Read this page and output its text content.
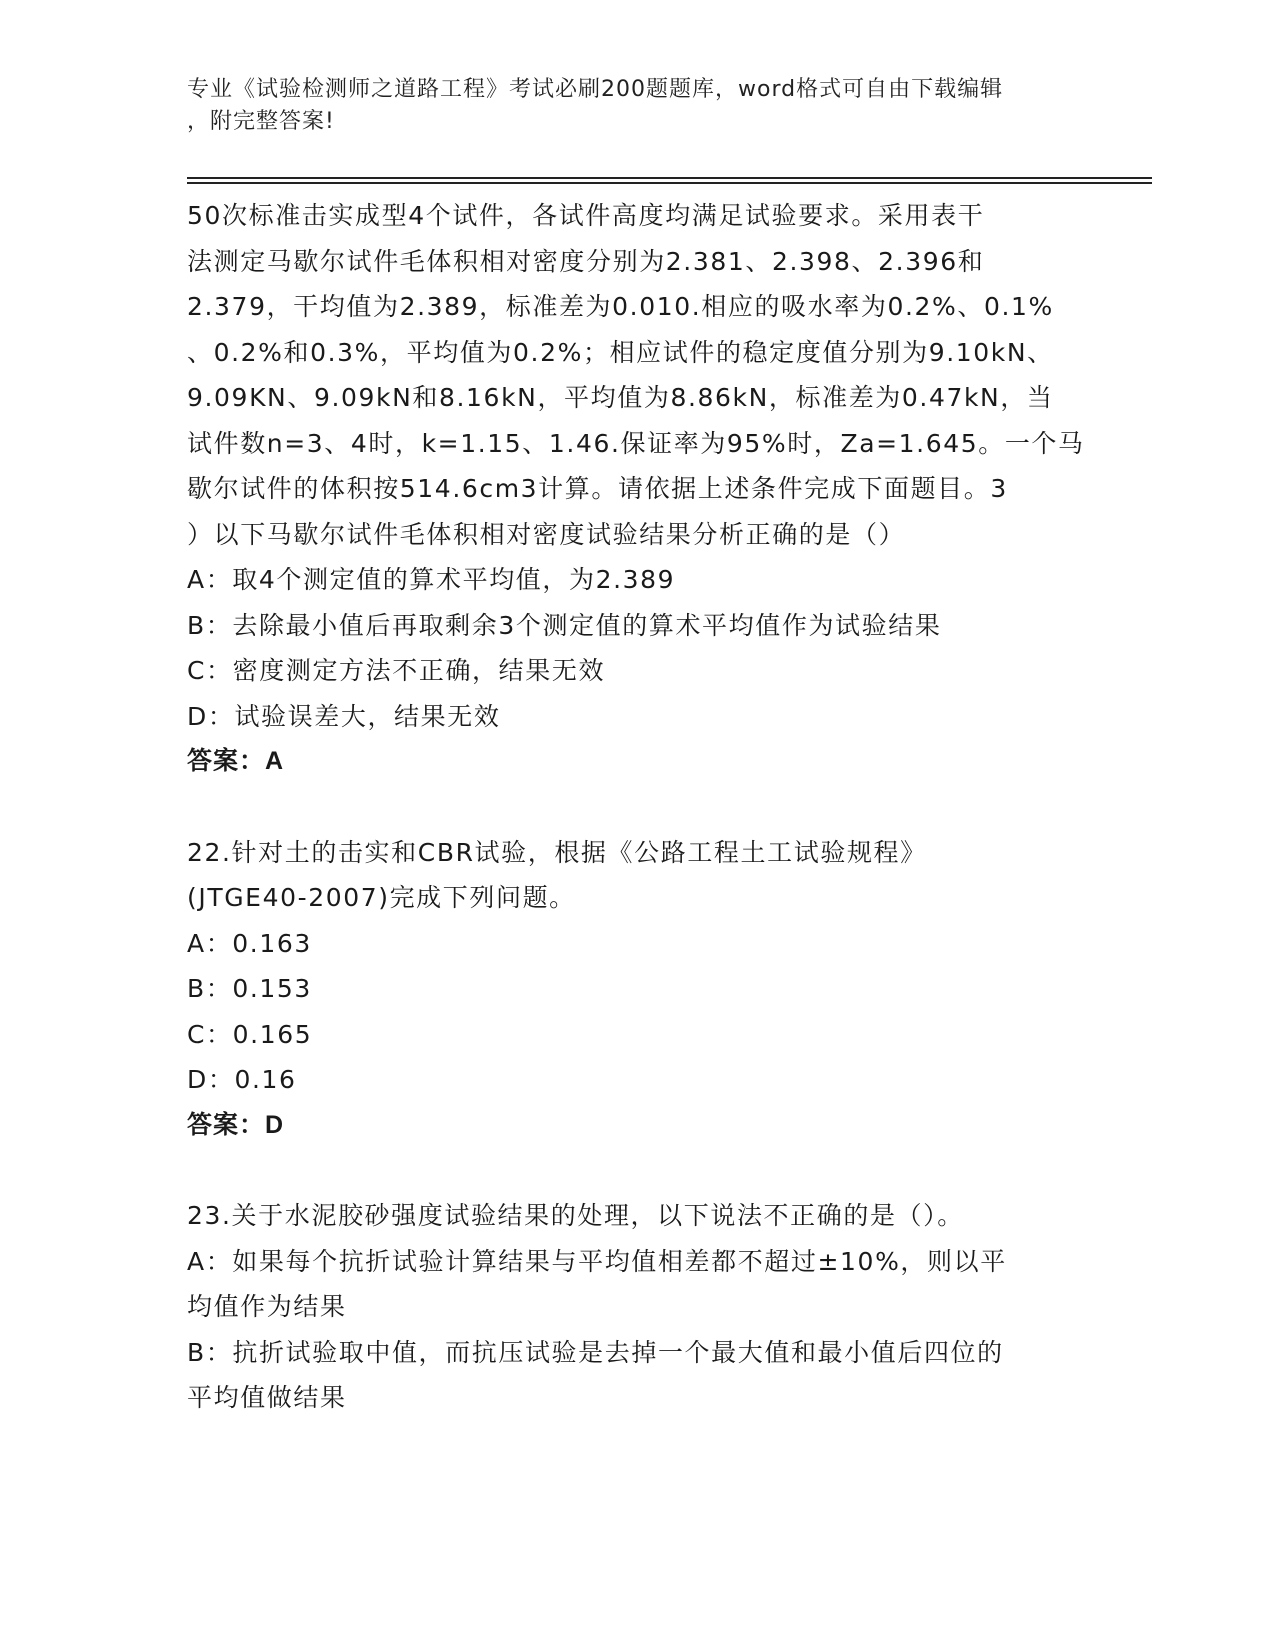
专业《试验检测师之道路工程》考试必刷200题题库，word格式可自由下载编辑
，附完整答案!

50次标准击实成型4个试件，各试件高度均满足试验要求。采用表干

法测定马歇尔试件毛体积相对密度分别为2.381、2.398、2.396和

2.379，干均值为2.389，标准差为0.010.相应的吸水率为0.2%、0.1%

、0.2%和0.3%，平均值为0.2%；相应试件的稳定度值分别为9.10kN、

9.09KN、9.09kN和8.16kN，平均值为8.86kN，标准差为0.47kN，当

试件数n=3、4时，k=1.15、1.46.保证率为95%时，Za=1.645。一个马

歇尔试件的体积按514.6cm3计算。请依据上述条件完成下面题目。3

）以下马歇尔试件毛体积相对密度试验结果分析正确的是（）

A：取4个测定值的算术平均值，为2.389

B：去除最小值后再取剩余3个测定值的算术平均值作为试验结果

C：密度测定方法不正确，结果无效

D：试验误差大，结果无效

答案：A

22.针对土的击实和CBR试验，根据《公路工程土工试验规程》

(JTGE40-2007)完成下列问题。

A：0.163

B：0.153

C：0.165

D：0.16

答案：D

23.关于水泥胶砂强度试验结果的处理，以下说法不正确的是（）。

A：如果每个抗折试验计算结果与平均值相差都不超过±10%，则以平

均值作为结果

B：抗折试验取中值，而抗压试验是去掉一个最大值和最小值后四位的

平均值做结果
